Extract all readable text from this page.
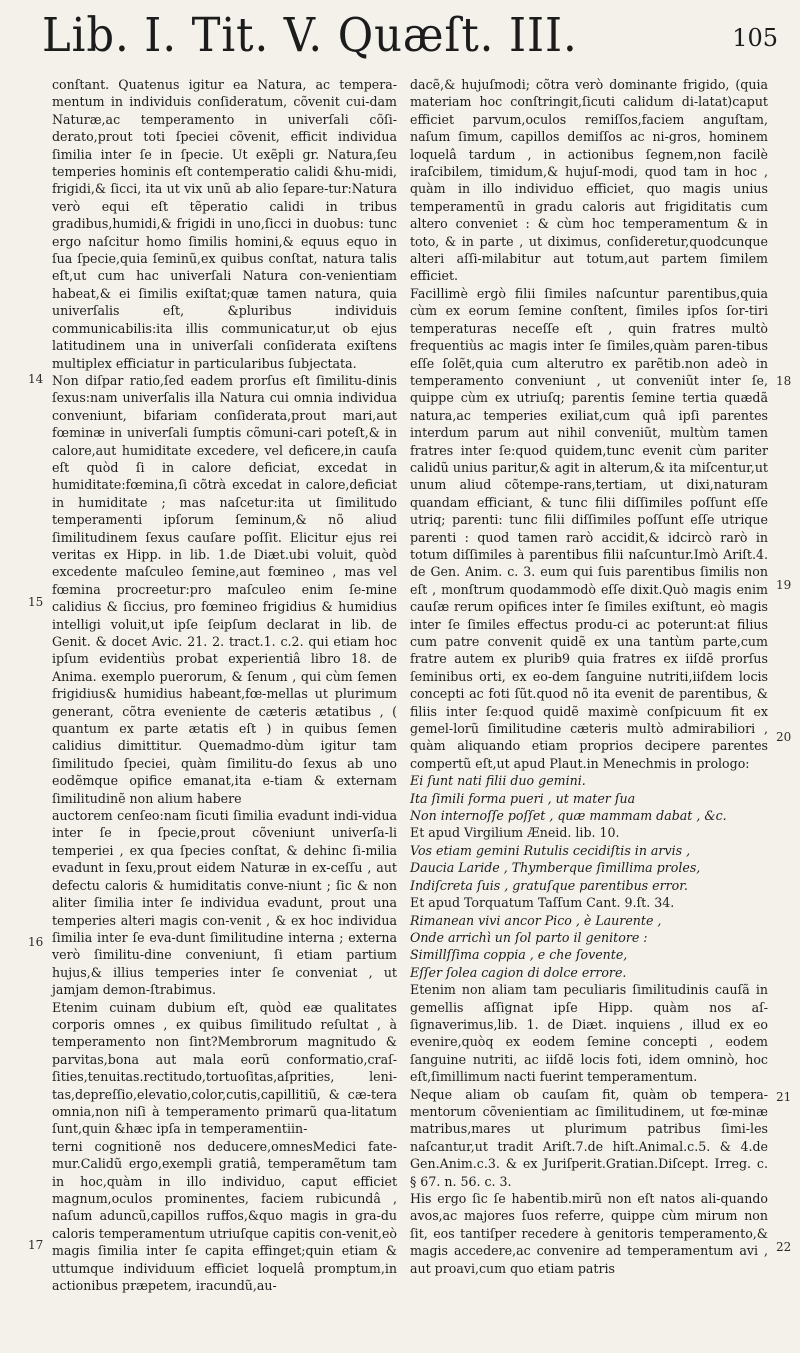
Lib. I. Tit. V. Quæſt. III.	105
14
15
16
17
18
19
20
21
22

conſtant. Quatenus igitur ea Natura, ac tempera-mentum in individuis conſideratum, cõvenit cui-dam Naturæ,ac temperamento in univerſali cõſi-derato,prout toti ſpeciei cõvenit, efficit individua ſimilia inter ſe in ſpecie. Ut exẽpli gr. Natura,ſeu temperies hominis eſt contemperatio calidi &hu-midi, frigidi,& ſicci, ita ut vix unũ ab alio ſepare-tur:Natura verò equi eſt tẽperatio calidi in tribus gradibus,humidi,& frigidi in uno,ſicci in duobus: tunc ergo naſcitur homo ſimilis homini,& equus equo in ſua ſpecie,quia ſeminũ,ex quibus conſtat, natura talis eſt,ut cum hac univerſali Natura con-venientiam habeat,& ei ſimilis exiſtat;quæ tamen natura, quia univerſalis eſt, &pluribus individuis communicabilis:ita illis communicatur,ut ob ejus latitudinem una in univerſali conſiderata exiſtens multiplex efficiatur in particularibus ſubjectata.

Non diſpar ratio,ſed eadem prorſus eſt ſimilitu-dinis ſexus:nam univerſalis illa Natura cui omnia individua conveniunt, bifariam conſiderata,prout mari,aut fœminæ in univerſali ſumptis cõmuni-cari poteſt,& in calore,aut humiditate excedere, vel deficere,in cauſa eſt quòd ſi in calore deficiat, excedat in humiditate:fœmina,ſi cõtrà excedat in calore,deficiat in humiditate ; mas naſcetur:ita ut ſimilitudo temperamenti ipſorum ſeminum,& nõ aliud ſimilitudinem ſexus cauſare poſſit. Elicitur ejus rei veritas ex Hipp. in lib. 1.de Diæt.ubi voluit, quòd excedente maſculeo ſemine,aut fœmineo , mas vel fœmina procreetur:pro maſculeo enim ſe-mine calidius & ſiccius, pro fœmineo frigidius & humidius intelligi voluit,ut ipſe ſeipſum declarat in lib. de Genit. & docet Avic. 21. 2. tract.1. c.2. qui etiam hoc ipſum evidentiùs probat experientiâ libro 18. de Anima. exemplo puerorum, & ſenum , qui cùm ſemen frigidius& humidius habeant,fœ-mellas ut plurimum generant, cõtra eveniente de cæteris ætatibus , ( quantum ex parte ætatis eſt ) in quibus ſemen calidius dimittitur. Quemadmo-dùm igitur tam ſimilitudo ſpeciei, quàm ſimilitu-do ſexus ab uno eodẽmque opifice emanat,ita e-tiam & externam ſimilitudinẽ non alium habere

auctorem cenſeo:nam ſicuti ſimilia evadunt indi-vidua inter ſe in ſpecie,prout cõveniunt univerſa-li temperiei , ex qua ſpecies conſtat, & dehinc ſi-milia evadunt in ſexu,prout eidem Naturæ in ex-ceſſu , aut defectu caloris & humiditatis conve-niunt ; ſic & non aliter ſimilia inter ſe individua evadunt, prout una temperies alteri magis con-venit , & ex hoc individua ſimilia inter ſe eva-dunt ſimilitudine interna ; externa verò ſimilitu-dine conveniunt, ſi etiam partium hujus,& illius temperies inter ſe conveniat , ut jamjam demon-ſtrabimus.

Etenim cuinam dubium eſt, quòd eæ qualitates corporis omnes , ex quibus ſimilitudo reſultat , à temperamento non ſint?Membrorum magnitudo & parvitas,bona aut mala eorũ conformatio,craſ-ſities,tenuitas.rectitudo,tortuoſitas,aſprities, leni-tas,depreſſio,elevatio,color,cutis,capillitiũ, & cæ-tera omnia,non niſi à temperamento primarũ qua-litatum ſunt,quin &hæc ipſa in temperamentiin-

terni cognitionẽ nos deducere,omnesMedici fate-mur.Calidũ ergo,exempli gratiâ, temperamẽtum tam in hoc,quàm in illo individuo, caput efficiet magnum,oculos prominentes, faciem rubicundâ , naſum aduncũ,capillos ruffos,&quo magis in gra-du caloris temperamentum utriuſque capitis con-venit,eò magis ſimilia inter ſe capita effinget;quin etiam & uttumque individuum efficiet loquelâ promptum,in actionibus præpetem, iracundũ,au-

dacẽ,& hujuſmodi; cõtra verò dominante frigido, (quia materiam hoc conſtringit,ſicuti calidum di-latat)caput efficiet parvum,oculos remiſſos,faciem anguſtam, naſum ſimum, capillos demiſſos ac ni-gros, hominem loquelâ tardum , in actionibus ſegnem,non facilè iraſcibilem, timidum,& hujuſ-modi, quod tam in hoc , quàm in illo individuo efficiet, quo magis unius temperamentũ in gradu caloris aut frigiditatis cum altero conveniet : & cùm hoc temperamentum & in toto, & in parte , ut diximus, conſideretur,quodcunque alteri aſſi-milabitur aut totum,aut partem ſimilem efficiet.

Facillimè ergò filii ſimiles naſcuntur parentibus,quia cùm ex eorum ſemine conſtent, ſimiles ipſos ſor-tiri temperaturas neceſſe eſt , quin fratres multò frequentiùs ac magis inter ſe ſimiles,quàm paren-tibus eſſe ſolẽt,quia cum alterutro ex parẽtib.non adeò in temperamento conveniunt , ut conveniũt inter ſe, quippe cùm ex utriuſq; parentis ſemine tertia quædã natura,ac temperies exiliat,cum quâ ipſi parentes interdum parum aut nihil conveniũt, multùm tamen fratres inter ſe:quod quidem,tunc evenit cùm pariter calidũ unius paritur,& agit in alterum,& ita miſcentur,ut unum aliud cõtempe-rans,tertiam, ut dixi,naturam quandam efficiant, & tunc filii diſſimiles poſſunt eſſe utriq; parenti: tunc filii diſſimiles poſſunt eſſe utrique parenti : quod tamen rarò accidit,& idcircò rarò in totum diſſimiles à parentibus filii naſcuntur.Imò Ariſt.4. de Gen. Anim. c. 3. eum qui ſuis parentibus ſimilis non eſt , monſtrum quodammodò eſſe dixit.Quò magis enim cauſæ rerum opifices inter ſe ſimiles exiſtunt, eò magis inter ſe ſimiles effectus produ-ci ac poterunt:at filius cum patre convenit quidẽ ex una tantùm parte,cum fratre autem ex plurib9 quia fratres ex iiſdẽ prorſus ſeminibus orti, ex eo-dem ſanguine nutriti,iiſdem locis concepti ac foti ſũt.quod nõ ita evenit de parentibus, & filiis inter ſe:quod quidẽ maximè conſpicuum fit ex gemel-lorũ ſimilitudine cæteris multò admirabiliori , quàm aliquando etiam proprios decipere parentes compertũ eſt,ut apud Plaut.in Menechmis in prologo:

Ei ſunt nati filii duo gemini.

Ita ſimili forma pueri , ut mater ſua

Non internoſſe poſſet , quæ mammam dabat , &c.

Et apud Virgilium Æneid. lib. 10.

Vos etiam gemini Rutulis cecidiſtis in arvis ,

Daucia Laride , Thymberque ſimillima proles,

Indiſcreta ſuis , gratuſque parentibus error.

Et apud Torquatum Taſſum Cant. 9.ſt. 34.

Rimanean vivi ancor Pico , è Laurente ,

Onde arrichì un ſol parto il genitore :

Simillſſima coppia , e che ſovente,

Eſſer ſolea cagion di dolce errore.

Etenim non aliam tam peculiaris ſimilitudinis cauſã in gemellis aſſignat ipſe Hipp. quàm nos aſ-ſignaverimus,lib. 1. de Diæt. inquiens , illud ex eo evenire,quòq ex eodem ſemine concepti , eodem ſanguine nutriti, ac iiſdẽ locis foti, idem omninò, hoc eſt,ſimillimum nacti fuerint temperamentum.

Neque aliam ob cauſam fit, quàm ob tempera-mentorum cõvenientiam ac ſimilitudinem, ut fœ-minæ matribus,mares ut plurimum patribus ſimi-les naſcantur,ut tradit Ariſt.7.de hiſt.Animal.c.5. & 4.de Gen.Anim.c.3. & ex Juriſperit.Gratian.Diſcept. Irreg. c. § 67. n. 56. c. 3.

His ergo ſic ſe habentib.mirũ non eſt natos ali-quando avos,ac majores ſuos referre, quippe cùm mirum non ſit, eos tantiſper recedere à genitoris temperamento,& magis accedere,ac convenire ad temperamentum avi , aut proavi,cum quo etiam patris
